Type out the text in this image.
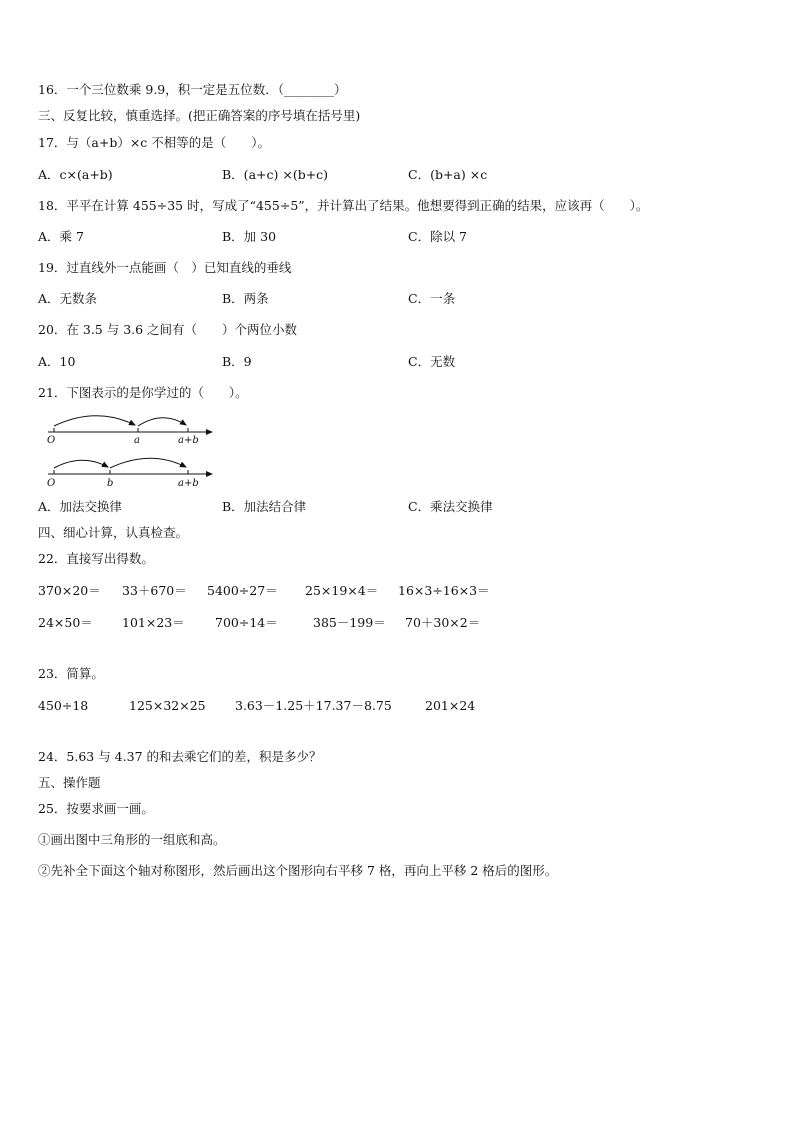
16．一个三位数乘 9.9，积一定是五位数．（________）
三、反复比较，慎重选择。(把正确答案的序号填在括号里)
17．与（a+b）×c 不相等的是（　　）。
A．c×(a+b)	B．(a+c) ×(b+c)	C．(b+a) ×c
18．平平在计算 455÷35 时，写成了“455÷5”，并计算出了结果。他想要得到正确的结果，应该再（　　）。
A．乘 7	B．加 30	C．除以 7
19．过直线外一点能画（　）已知直线的垂线
A．无数条	B．两条	C．一条
20．在 3.5 与 3.6 之间有（　　）个两位小数
A．10	B．9	C．无数
21．下图表示的是你学过的（　　）。
O	a	a+b
O	b	a+b
A．加法交换律	B．加法结合律	C．乘法交换律
四、细心计算，认真检查。
22．直接写出得数。
370×20＝ 33＋670＝ 5400÷27＝ 25×19×4＝ 16×3÷16×3＝
24×50＝ 101×23＝ 700÷14＝	385－199＝ 70＋30×2＝
23．简算。
450÷18	125×32×25 3.63－1.25＋17.37－8.75	201×24
24．5.63 与 4.37 的和去乘它们的差，积是多少？
五、操作题
25．按要求画一画。
①画出图中三角形的一组底和高。
②先补全下面这个轴对称图形，然后画出这个图形向右平移 7 格，再向上平移 2 格后的图形。
